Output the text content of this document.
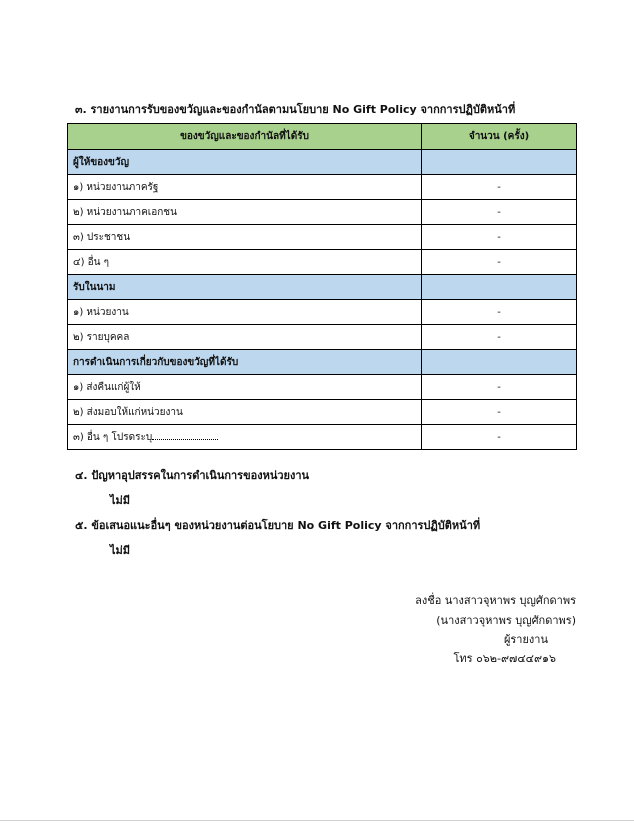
๓. รายงานการรับของขวัญและของกำนัลตามนโยบาย No Gift Policy จากการปฏิบัติหน้าที่
ของขวัญและของกำนัลที่ได้รับ	จำนวน (ครั้ง)
ผู้ให้ของขวัญ	
๑) หน่วยงานภาครัฐ	-
๒) หน่วยงานภาคเอกชน	-
๓) ประชาชน	-
๔) อื่น ๆ	-
รับในนาม	
๑) หน่วยงาน	-
๒) รายบุคคล	-
การดำเนินการเกี่ยวกับของขวัญที่ได้รับ	
๑) ส่งคืนแก่ผู้ให้	-
๒) ส่งมอบให้แก่หน่วยงาน	-
๓) อื่น ๆ โปรดระบุ	-
๔. ปัญหาอุปสรรคในการดำเนินการของหน่วยงาน
ไม่มี
๕. ข้อเสนอแนะอื่นๆ ของหน่วยงานต่อนโยบาย No Gift Policy จากการปฏิบัติหน้าที่
ไม่มี
ลงชื่อ นางสาวจุหาพร บุญศักดาพร
(นางสาวจุหาพร บุญศักดาพร)
ผู้รายงาน
โทร ๐๖๒-๙๗๔๔๙๑๖
